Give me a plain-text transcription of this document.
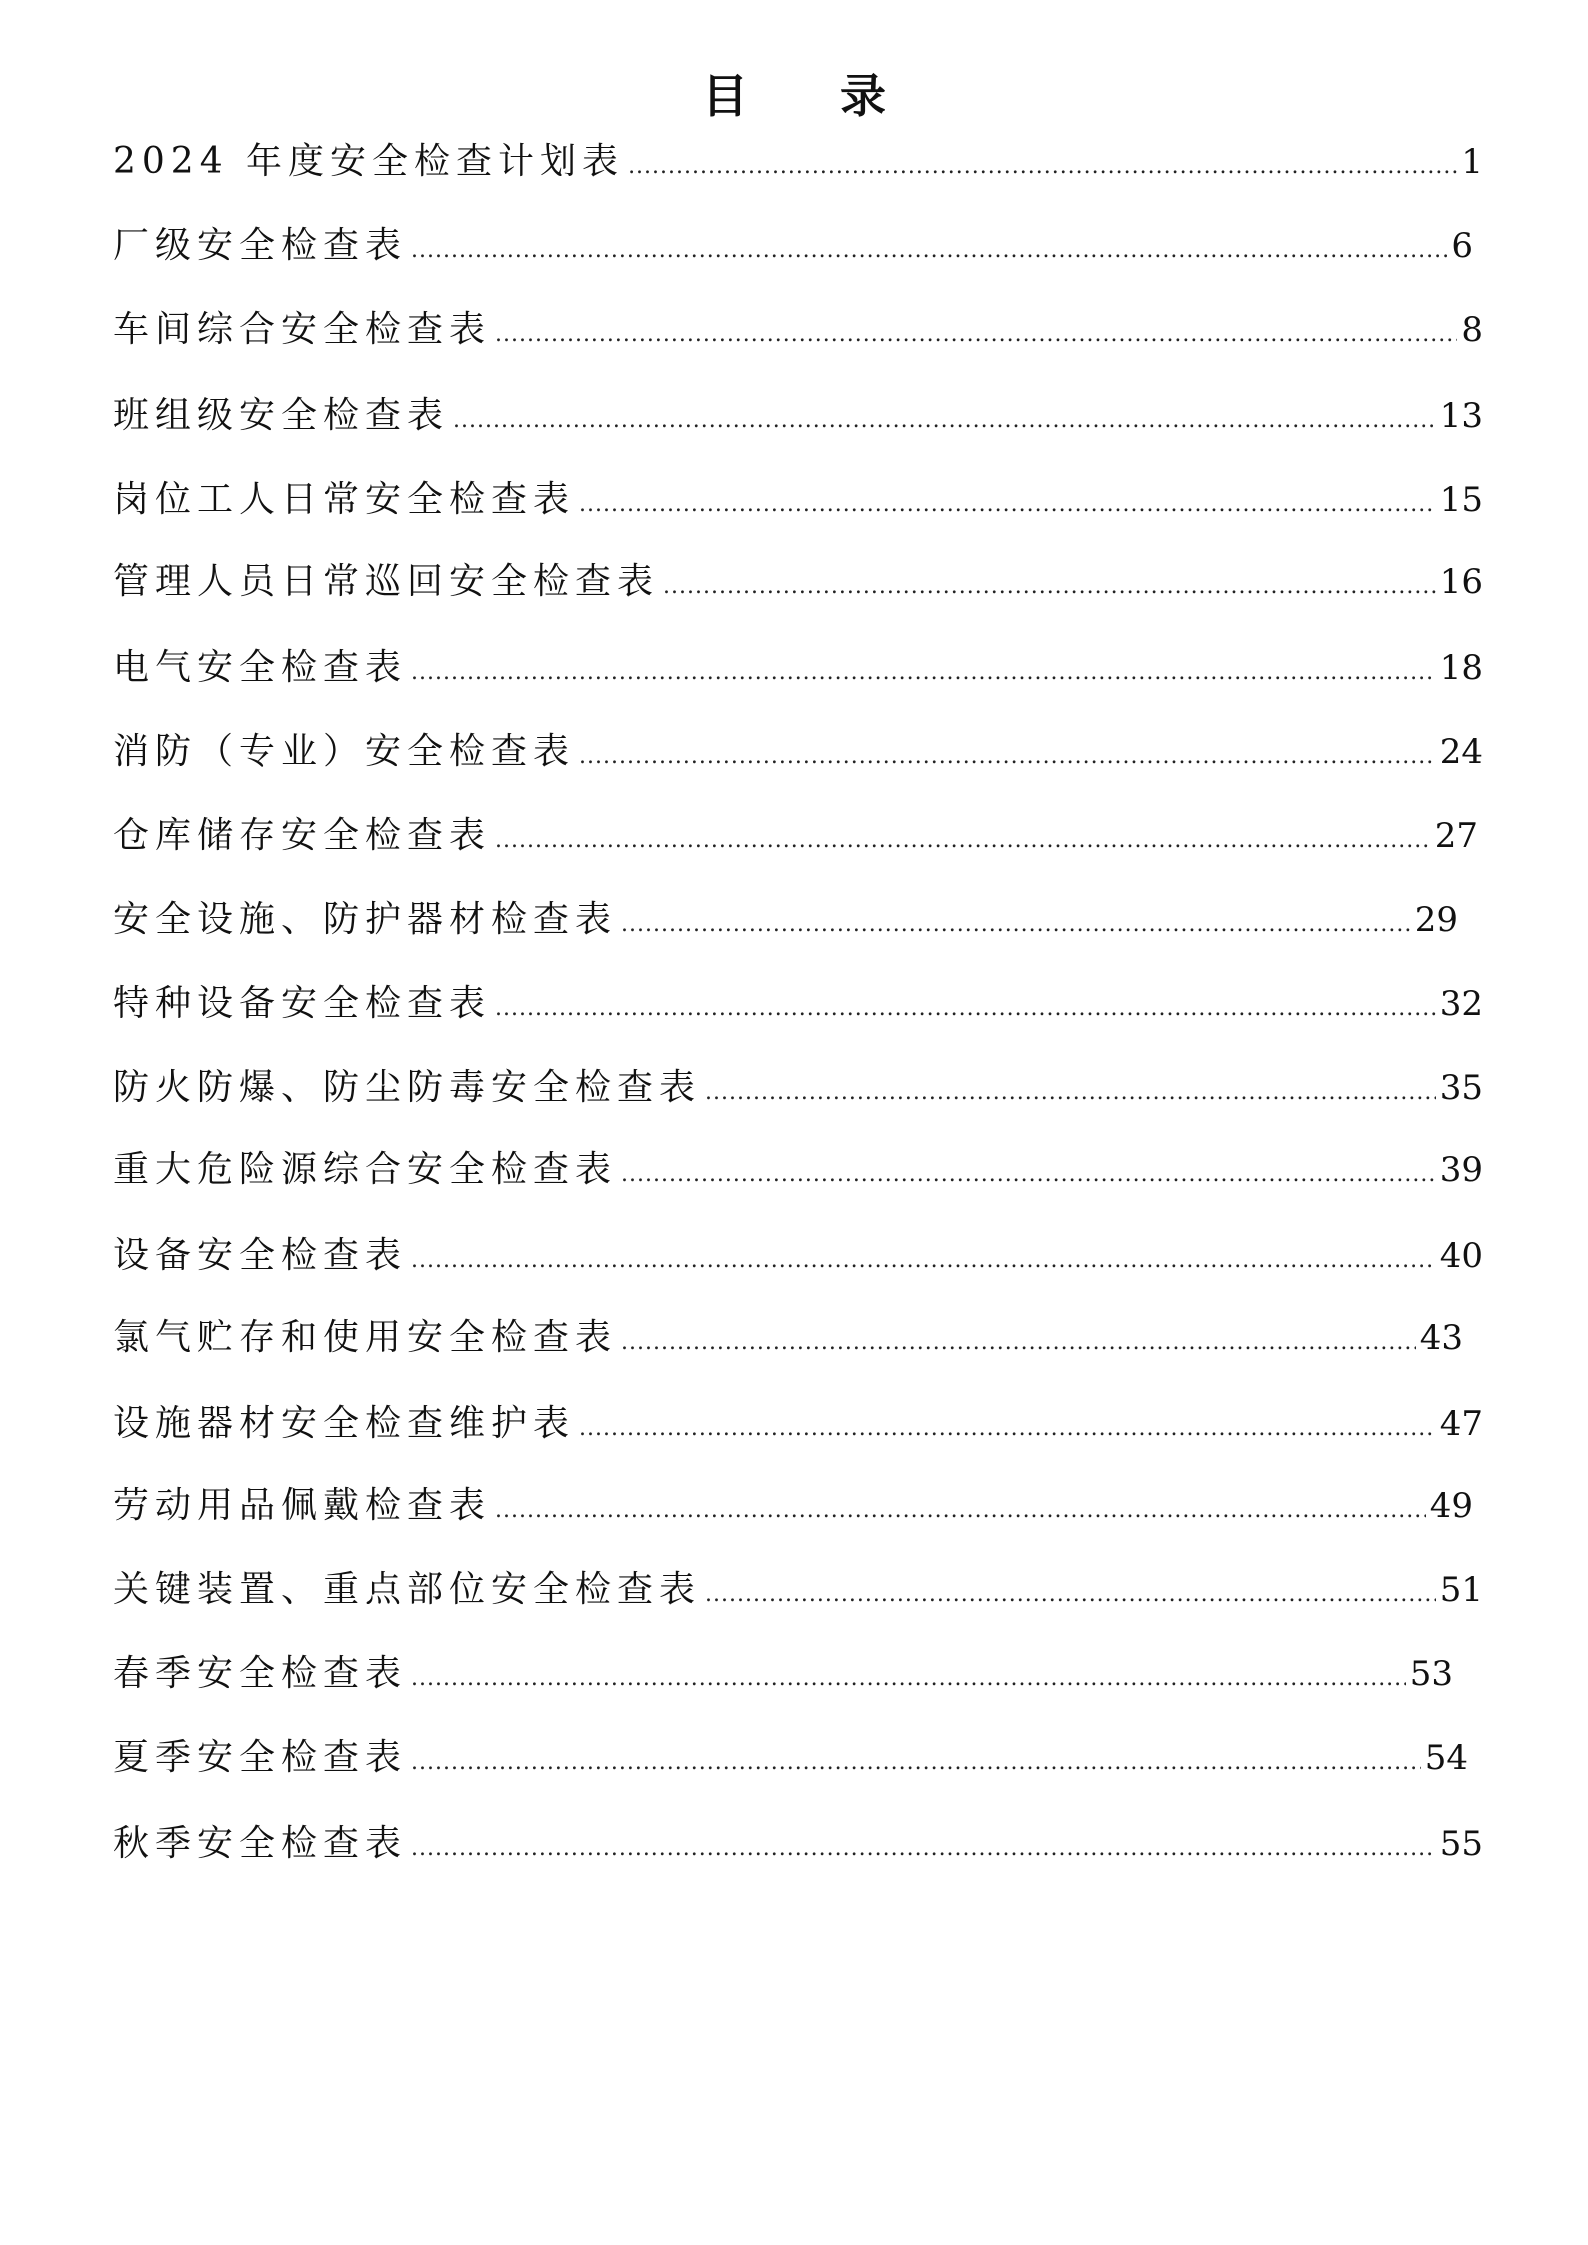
目 录
2024 年度安全检查计划表 .....	1
厂级安全检查表 .....	6
车间综合安全检查表 .....	8
班组级安全检查表 .....	13
岗位工人日常安全检查表 .....	15
管理人员日常巡回安全检查表 .....	16
电气安全检查表 .....	18
消防（专业）安全检查表 .....	24
仓库储存安全检查表 .....	27
安全设施、防护器材检查表 .....	29
特种设备安全检查表 .....	32
防火防爆、防尘防毒安全检查表 .....	35
重大危险源综合安全检查表 .....	39
设备安全检查表 .....	40
氯气贮存和使用安全检查表 .....	43
设施器材安全检查维护表 .....	47
劳动用品佩戴检查表 .....	49
关键装置、重点部位安全检查表 .....	51
春季安全检查表 .....	53
夏季安全检查表 .....	54
秋季安全检查表 .....	55
